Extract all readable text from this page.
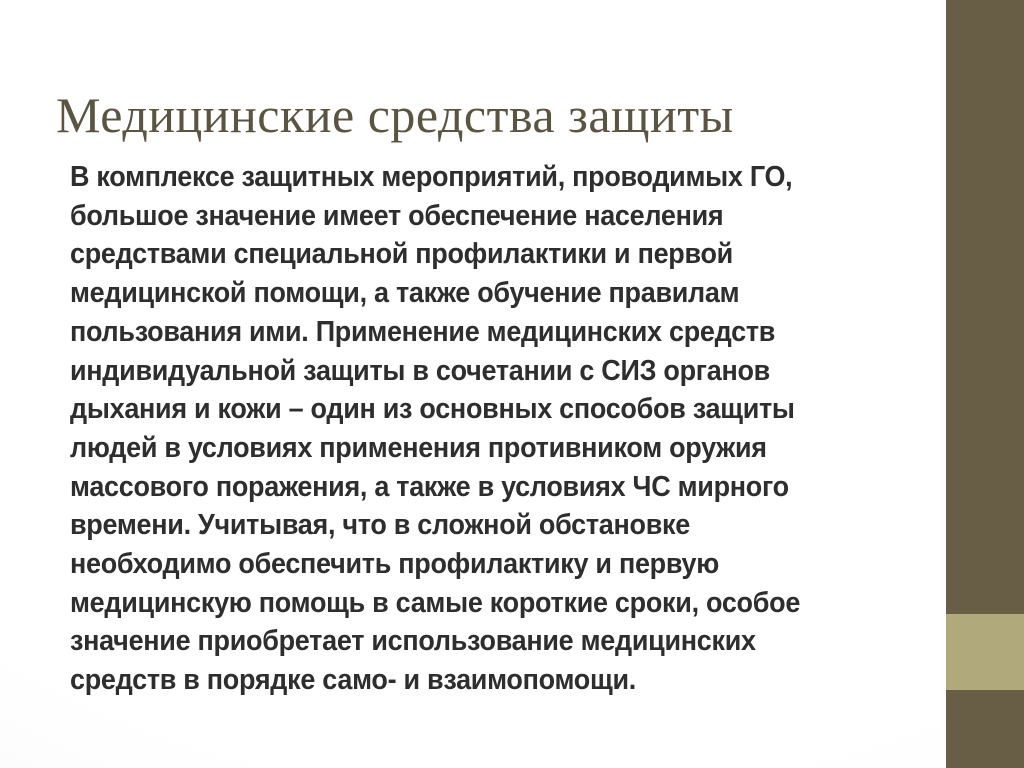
Медицинские средства защиты
В комплексе защитных мероприятий, проводимых ГО,
большое значение имеет обеспечение населения
средствами специальной профилактики и первой
медицинской помощи, а также обучение правилам
пользования ими. Применение медицинских средств
индивидуальной защиты в сочетании с СИЗ органов
дыхания и кожи – один из основных способов защиты
людей в условиях применения противником оружия
массового поражения, а также в условиях ЧС мирного
времени. Учитывая, что в сложной обстановке
необходимо обеспечить профилактику и первую
медицинскую помощь в самые короткие сроки, особое
значение приобретает использование медицинских
средств в порядке само- и взаимопомощи.
